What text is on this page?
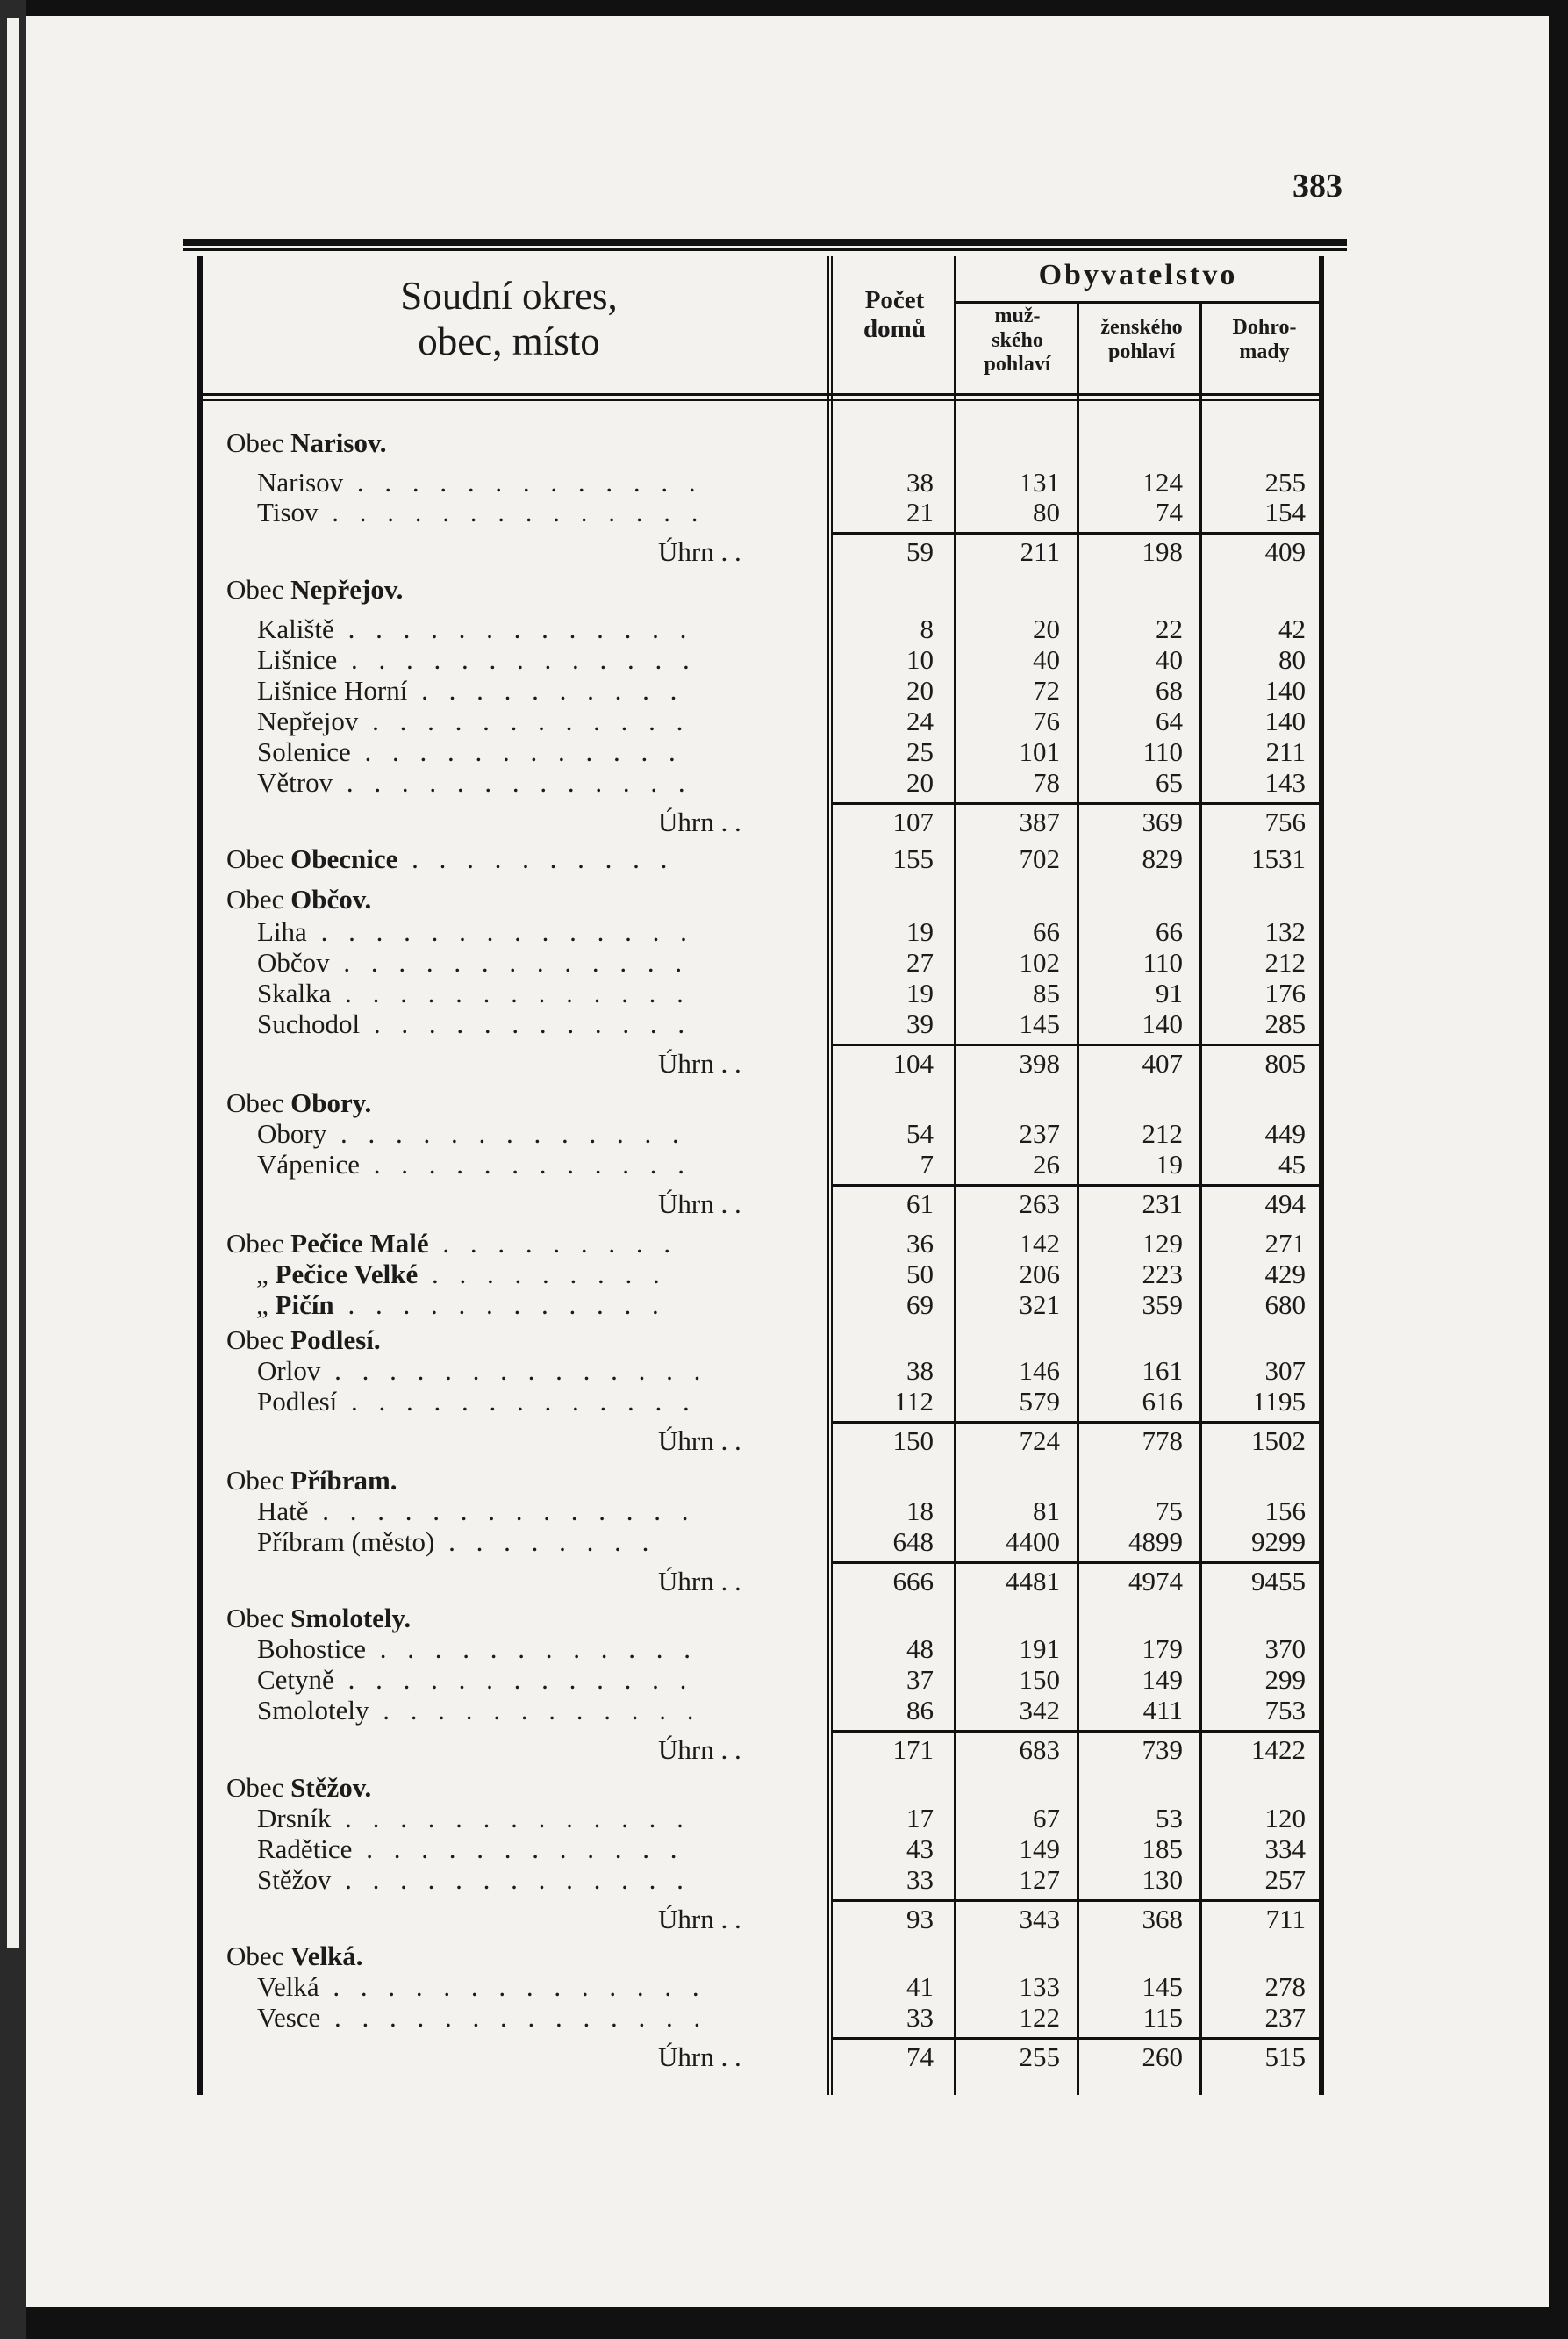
383
Soudní okres,
obec, místo
Počet
domů
Obyvatelstvo
muž-
ského
pohlaví
ženského
pohlaví
Dohro-
mady
Obec Narisov.
Narisov . . . . . . . . . . . . .	38	131	124	255
Tisov . . . . . . . . . . . . . .	21	80	74	154
Úhrn . .	59	211	198	409
Obec Nepřejov.
Kaliště . . . . . . . . . . . . .	8	20	22	42
Lišnice . . . . . . . . . . . . .	10	40	40	80
Lišnice Horní . . . . . . . . . .	20	72	68	140
Nepřejov . . . . . . . . . . . .	24	76	64	140
Solenice . . . . . . . . . . . .	25	101	110	211
Větrov . . . . . . . . . . . . .	20	78	65	143
Úhrn . .	107	387	369	756
Obec Obecnice . . . . . . . . . .	155	702	829	1531
Obec Občov.
Liha . . . . . . . . . . . . . .	19	66	66	132
Občov . . . . . . . . . . . . .	27	102	110	212
Skalka . . . . . . . . . . . . .	19	85	91	176
Suchodol . . . . . . . . . . . .	39	145	140	285
Úhrn . .	104	398	407	805
Obec Obory.
Obory . . . . . . . . . . . . .	54	237	212	449
Vápenice . . . . . . . . . . . .	7	26	19	45
Úhrn . .	61	263	231	494
Obec Pečice Malé . . . . . . . . .	36	142	129	271
„ Pečice Velké . . . . . . . . .	50	206	223	429
„ Pičín . . . . . . . . . . . .	69	321	359	680
Obec Podlesí.
Orlov . . . . . . . . . . . . . .	38	146	161	307
Podlesí . . . . . . . . . . . . .	112	579	616	1195
Úhrn . .	150	724	778	1502
Obec Příbram.
Hatě . . . . . . . . . . . . . .	18	81	75	156
Příbram (město) . . . . . . . .	648	4400	4899	9299
Úhrn . .	666	4481	4974	9455
Obec Smolotely.
Bohostice . . . . . . . . . . . .	48	191	179	370
Cetyně . . . . . . . . . . . . .	37	150	149	299
Smolotely . . . . . . . . . . . .	86	342	411	753
Úhrn . .	171	683	739	1422
Obec Stěžov.
Drsník . . . . . . . . . . . . .	17	67	53	120
Radětice . . . . . . . . . . . .	43	149	185	334
Stěžov . . . . . . . . . . . . .	33	127	130	257
Úhrn . .	93	343	368	711
Obec Velká.
Velká . . . . . . . . . . . . . .	41	133	145	278
Vesce . . . . . . . . . . . . . .	33	122	115	237
Úhrn . .	74	255	260	515
